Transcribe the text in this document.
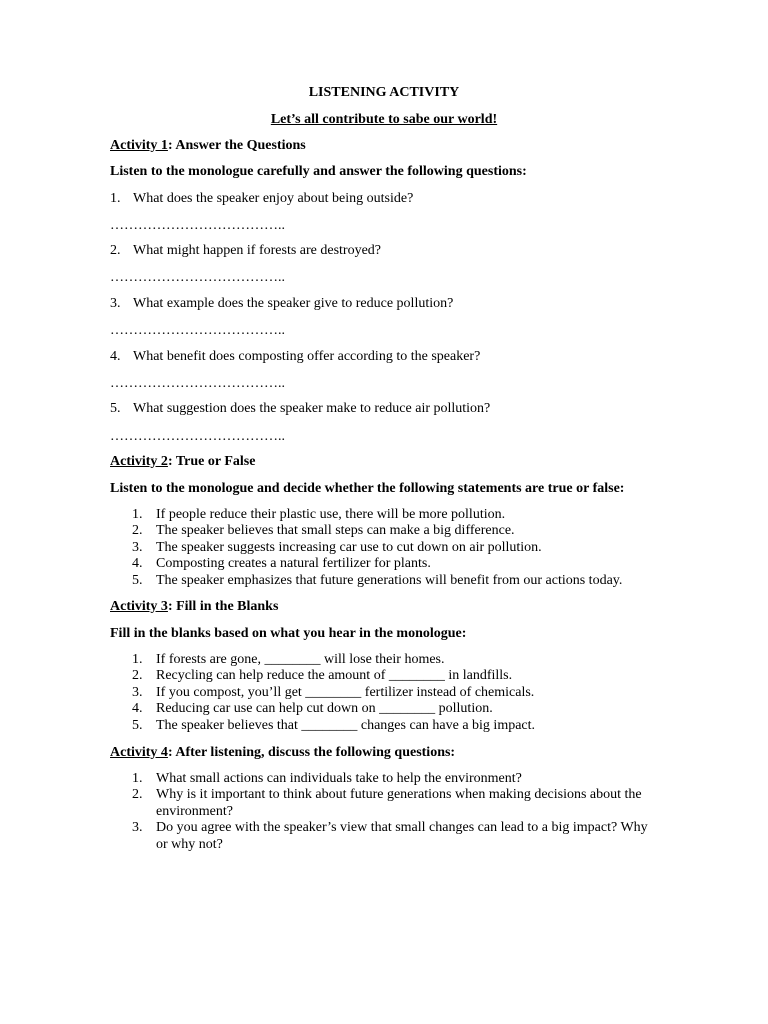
LISTENING ACTIVITY
Let’s all contribute to sabe our world!
Activity 1: Answer the Questions
Listen to the monologue carefully and answer the following questions:
1. What does the speaker enjoy about being outside?
………………………………..
2. What might happen if forests are destroyed?
………………………………..
3. What example does the speaker give to reduce pollution?
………………………………..
4. What benefit does composting offer according to the speaker?
………………………………..
5. What suggestion does the speaker make to reduce air pollution?
………………………………..
Activity 2: True or False
Listen to the monologue and decide whether the following statements are true or false:
1. If people reduce their plastic use, there will be more pollution.
2. The speaker believes that small steps can make a big difference.
3. The speaker suggests increasing car use to cut down on air pollution.
4. Composting creates a natural fertilizer for plants.
5. The speaker emphasizes that future generations will benefit from our actions today.
Activity 3: Fill in the Blanks
Fill in the blanks based on what you hear in the monologue:
1. If forests are gone, ________ will lose their homes.
2. Recycling can help reduce the amount of ________ in landfills.
3. If you compost, you’ll get ________ fertilizer instead of chemicals.
4. Reducing car use can help cut down on ________ pollution.
5. The speaker believes that ________ changes can have a big impact.
Activity 4: After listening, discuss the following questions:
1. What small actions can individuals take to help the environment?
2. Why is it important to think about future generations when making decisions about the environment?
3. Do you agree with the speaker’s view that small changes can lead to a big impact? Why or why not?
